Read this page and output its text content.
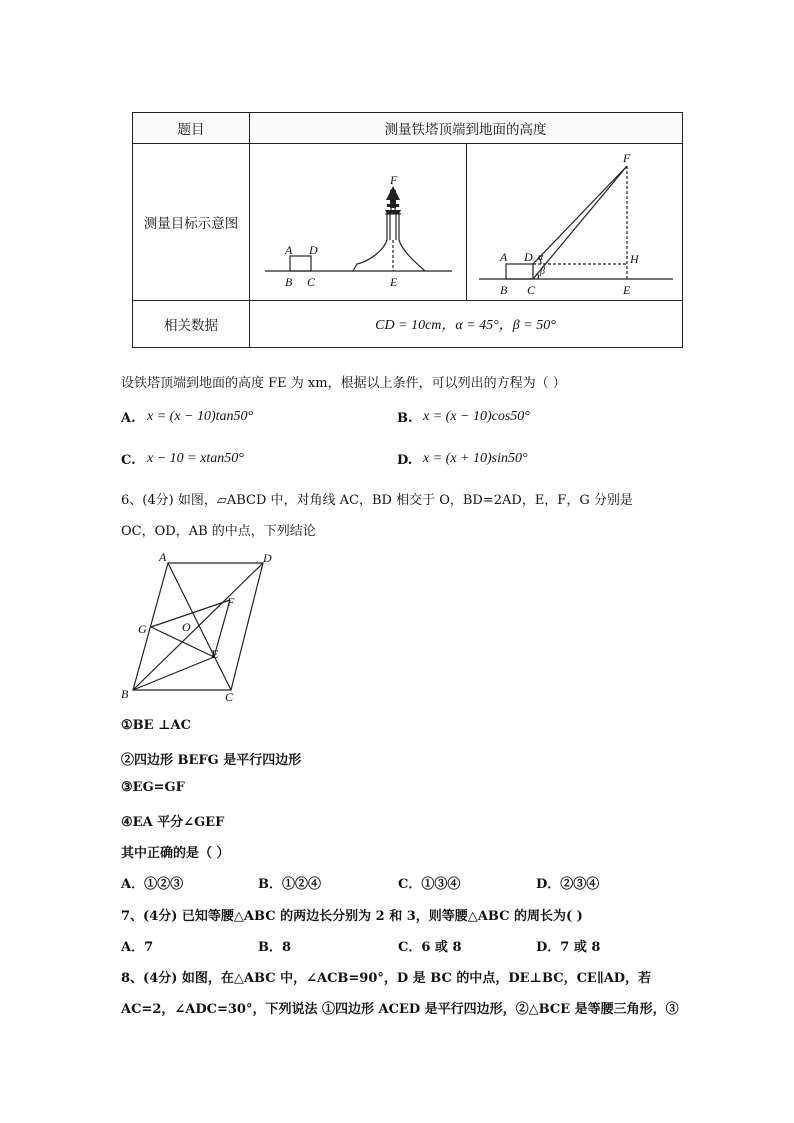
题目	测量铁塔顶端到地面的高度
测量目标示意图
F
A D
B C	E
F
A D α
β
H
B C	E
相关数据	CD = 10cm，α = 45°，β = 50°
设铁塔顶端到地面的高度 FE 为 xm，根据以上条件，可以列出的方程为（ ）
A. x = (x − 10)tan50°	B. x = (x − 10)cos50°
C. x − 10 = xtan50°	D. x = (x + 10)sin50°
6、(4分) 如图，▱ABCD 中，对角线 AC，BD 相交于 O，BD=2AD，E，F，G 分别是
OC，OD，AB 的中点，下列结论
A	D
F
G	O
E
B	C
①BE ⊥AC
②四边形 BEFG 是平行四边形
③EG=GF
④EA 平分∠GEF
其中正确的是（ ）
A．①②③	B．①②④	C．①③④	D．②③④
7、(4分) 已知等腰△ABC 的两边长分别为 2 和 3，则等腰△ABC 的周长为( )
A．7	B．8	C．6 或 8	D．7 或 8
8、(4分) 如图，在△ABC 中，∠ACB=90°，D 是 BC 的中点，DE⊥BC，CE∥AD，若
AC=2，∠ADC=30°，下列说法 ①四边形 ACED 是平行四边形，②△BCE 是等腰三角形，③
